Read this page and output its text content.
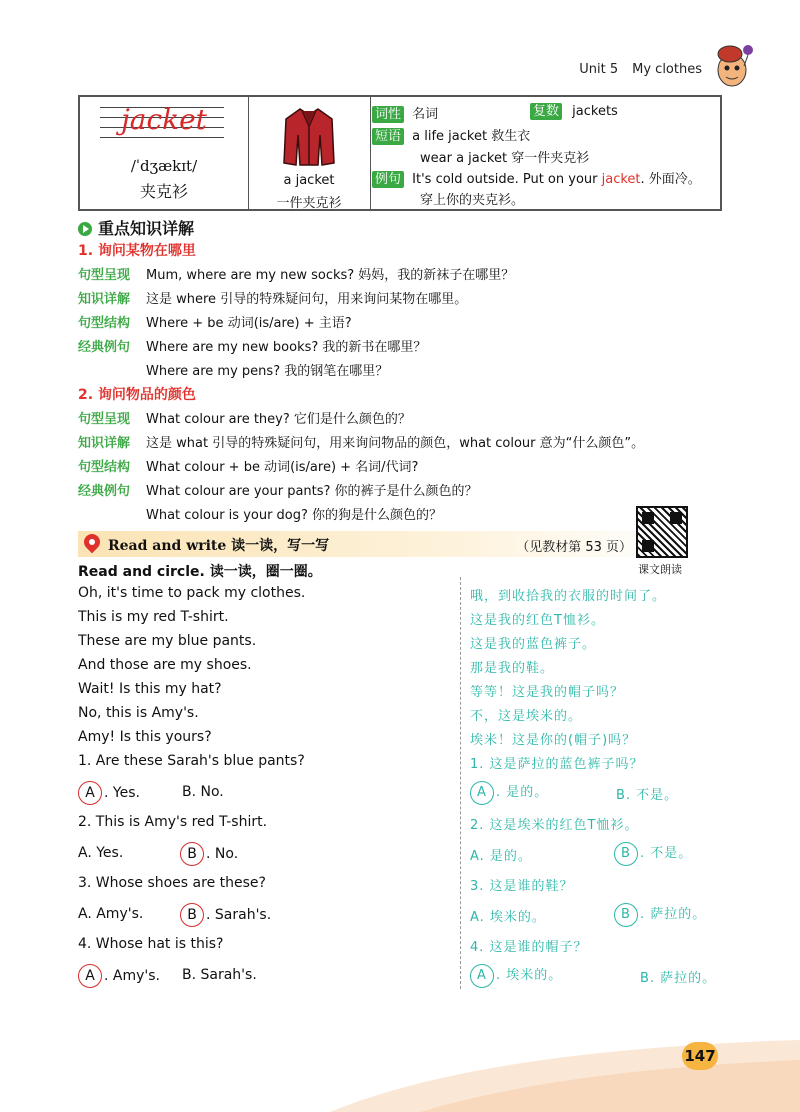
Unit 5 My clothes
jacket
/ˈdʒækɪt/
夹克衫
a jacket
一件夹克衫
词性 名词	复数 jackets
短语 a life jacket 救生衣
wear a jacket 穿一件夹克衫
例句 It's cold outside. Put on your jacket. 外面冷。
穿上你的夹克衫。
重点知识详解
1. 询问某物在哪里
句型呈现 Mum, where are my new socks? 妈妈，我的新袜子在哪里？
知识详解 这是 where 引导的特殊疑问句，用来询问某物在哪里。
句型结构 Where + be 动词(is/are) + 主语?
经典例句 Where are my new books? 我的新书在哪里？
Where are my pens? 我的钢笔在哪里？
2. 询问物品的颜色
句型呈现 What colour are they? 它们是什么颜色的？
知识详解 这是 what 引导的特殊疑问句，用来询问物品的颜色，what colour 意为“什么颜色”。
句型结构 What colour + be 动词(is/are) + 名词/代词?
经典例句 What colour are your pants? 你的裤子是什么颜色的？
What colour is your dog? 你的狗是什么颜色的？
Read and write 读一读，写一写	（见教材第 53 页）
课文朗读
Read and circle. 读一读，圈一圈。
Oh, it's time to pack my clothes.
This is my red T-shirt.
These are my blue pants.
And those are my shoes.
Wait! Is this my hat?
No, this is Amy's.
Amy! Is this yours?
哦，到收拾我的衣服的时间了。
这是我的红色T恤衫。
这是我的蓝色裤子。
那是我的鞋。
等等！这是我的帽子吗？
不，这是埃米的。
埃米！这是你的(帽子)吗？
1. Are these Sarah's blue pants?
A . Yes.	B. No.
2. This is Amy's red T-shirt.
A. Yes.	B . No.
3. Whose shoes are these?
A. Amy's.	B . Sarah's.
4. Whose hat is this?
A . Amy's. B. Sarah's.
1. 这是萨拉的蓝色裤子吗？
A . 是的。	B. 不是。
2. 这是埃米的红色T恤衫。
A. 是的。	B . 不是。
3. 这是谁的鞋？
A. 埃米的。	B . 萨拉的。
4. 这是谁的帽子？
A . 埃米的。	B. 萨拉的。
147
